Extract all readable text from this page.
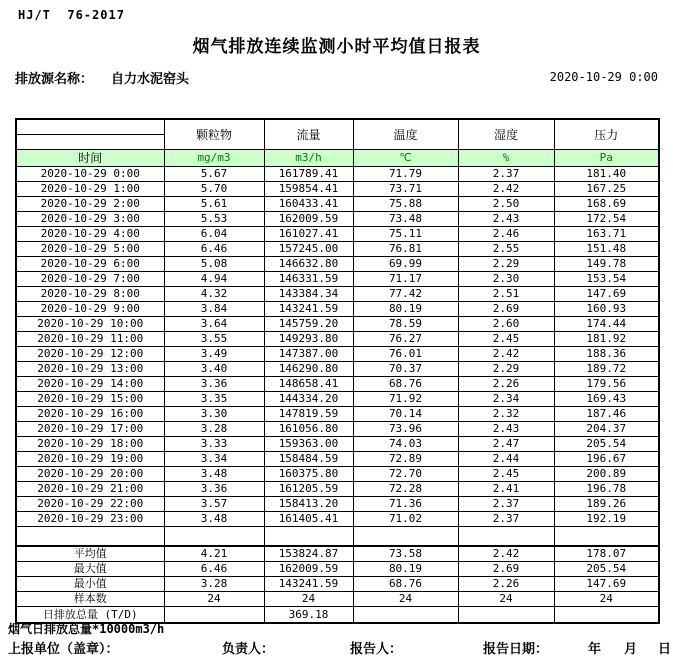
HJ/T  76-2017
烟气排放连续监测小时平均值日报表
排放源名称： 自力水泥窑头	2020-10-29 0:00
	颗粒物	流量	温度	湿度	压力

时间	mg/m3	m3/h	℃	%	Pa
2020-10-29 0:00	5.67	161789.41	71.79	2.37	181.40
2020-10-29 1:00	5.70	159854.41	73.71	2.42	167.25
2020-10-29 2:00	5.61	160433.41	75.88	2.50	168.69
2020-10-29 3:00	5.53	162009.59	73.48	2.43	172.54
2020-10-29 4:00	6.04	161027.41	75.11	2.46	163.71
2020-10-29 5:00	6.46	157245.00	76.81	2.55	151.48
2020-10-29 6:00	5.08	146632.80	69.99	2.29	149.78
2020-10-29 7:00	4.94	146331.59	71.17	2.30	153.54
2020-10-29 8:00	4.32	143384.34	77.42	2.51	147.69
2020-10-29 9:00	3.84	143241.59	80.19	2.69	160.93
2020-10-29 10:00	3.64	145759.20	78.59	2.60	174.44
2020-10-29 11:00	3.55	149293.80	76.27	2.45	181.92
2020-10-29 12:00	3.49	147387.00	76.01	2.42	188.36
2020-10-29 13:00	3.40	146290.80	70.37	2.29	189.72
2020-10-29 14:00	3.36	148658.41	68.76	2.26	179.56
2020-10-29 15:00	3.35	144334.20	71.92	2.34	169.43
2020-10-29 16:00	3.30	147819.59	70.14	2.32	187.46
2020-10-29 17:00	3.28	161056.80	73.96	2.43	204.37
2020-10-29 18:00	3.33	159363.00	74.03	2.47	205.54
2020-10-29 19:00	3.34	158484.59	72.89	2.44	196.67
2020-10-29 20:00	3.48	160375.80	72.70	2.45	200.89
2020-10-29 21:00	3.36	161205.59	72.28	2.41	196.78
2020-10-29 22:00	3.57	158413.20	71.36	2.37	189.26
2020-10-29 23:00	3.48	161405.41	71.02	2.37	192.19

平均值	4.21	153824.87	73.58	2.42	178.07
最大值	6.46	162009.59	80.19	2.69	205.54
最小值	3.28	143241.59	68.76	2.26	147.69
样本数	24	24	24	24	24
日排放总量 (T/D)		369.18			
烟气日排放总量*10000m3/h
上报单位（盖章）：	负责人：	报告人：	报告日期：	年 月 日
